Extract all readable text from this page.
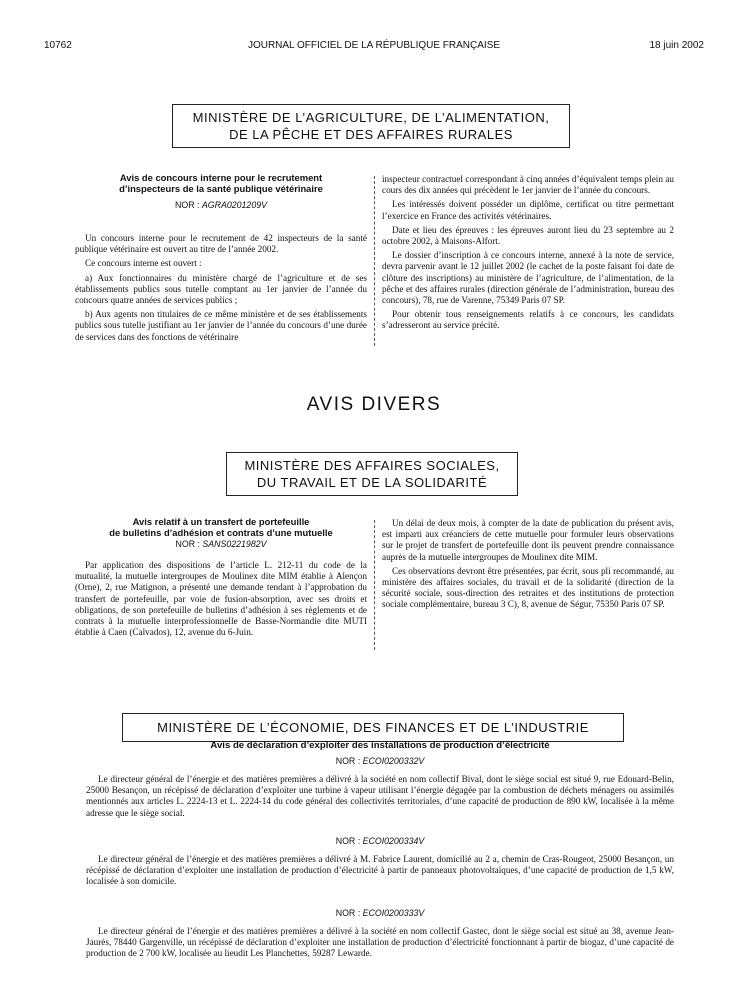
10762	JOURNAL OFFICIEL DE LA RÉPUBLIQUE FRANÇAISE	18 juin 2002
MINISTÈRE DE L’AGRICULTURE, DE L’ALIMENTATION,
DE LA PÊCHE ET DES AFFAIRES RURALES
Avis de concours interne pour le recrutement
d’inspecteurs de la santé publique vétérinaire
NOR : AGRA0201209V

Un concours interne pour le recrutement de 42 inspecteurs de la santé publique vétérinaire est ouvert au titre de l’année 2002.

Ce concours interne est ouvert :

a) Aux fonctionnaires du ministère chargé de l’agriculture et de ses établissements publics sous tutelle comptant au 1er janvier de l’année du concours quatre années de services publics ;

b) Aux agents non titulaires de ce même ministère et de ses établissements publics sous tutelle justifiant au 1er janvier de l’année du concours d’une durée de services dans des fonctions de vétérinaire

inspecteur contractuel correspondant à cinq années d’équivalent temps plein au cours des dix années qui précèdent le 1er janvier de l’année du concours.

Les intéressés doivent posséder un diplôme, certificat ou titre permettant l’exercice en France des activités vétérinaires.

Date et lieu des épreuves : les épreuves auront lieu du 23 septembre au 2 octobre 2002, à Maisons-Alfort.

Le dossier d’inscription à ce concours interne, annexé à la note de service, devra parvenir avant le 12 juillet 2002 (le cachet de la poste faisant foi date de clôture des inscriptions) au ministère de l’agriculture, de l’alimentation, de la pêche et des affaires rurales (direction générale de l’administration, bureau des concours), 78, rue de Varenne, 75349 Paris 07 SP.

Pour obtenir tous renseignements relatifs à ce concours, les candidats s’adresseront au service précité.

AVIS DIVERS
MINISTÈRE DES AFFAIRES SOCIALES,
DU TRAVAIL ET DE LA SOLIDARITÉ
Avis relatif à un transfert de portefeuille
de bulletins d’adhésion et contrats d’une mutuelle
NOR : SANS0221982V

Par application des dispositions de l’article L. 212-11 du code de la mutualité, la mutuelle intergroupes de Moulinex dite MIM établie à Alençon (Orne), 2, rue Matignon, a présenté une demande tendant à l’approbation du transfert de portefeuille, par voie de fusion-absorption, avec ses droits et obligations, de son portefeuille de bulletins d’adhésion à ses règlements et de contrats à la mutuelle interprofessionnelle de Basse-Normandie dite MUTI établie à Caen (Calvados), 12, avenue du 6-Juin.

Un délai de deux mois, à compter de la date de publication du présent avis, est imparti aux créanciers de cette mutuelle pour formuler leurs observations sur le projet de transfert de portefeuille dont ils peuvent prendre connaissance auprès de la mutuelle intergroupes de Moulinex dite MIM.

Ces observations devront être présentées, par écrit, sous pli recommandé, au ministère des affaires sociales, du travail et de la solidarité (direction de la sécurité sociale, sous-direction des retraites et des institutions de protection sociale complémentaire, bureau 3 C), 8, avenue de Ségur, 75350 Paris 07 SP.

MINISTÈRE DE L’ÉCONOMIE, DES FINANCES ET DE L’INDUSTRIE
Avis de déclaration d’exploiter des installations de production d’électricité
NOR : ECOI0200332V

Le directeur général de l’énergie et des matières premières a délivré à la société en nom collectif Bival, dont le siège social est situé 9, rue Edouard-Belin, 25000 Besançon, un récépissé de déclaration d’exploiter une turbine à vapeur utilisant l’énergie dégagée par la combustion de déchets ménagers ou assimilés mentionnés aux articles L. 2224-13 et L. 2224-14 du code général des collectivités territoriales, d’une capacité de production de 890 kW, localisée à la même adresse que le siège social.

NOR : ECOI0200334V

Le directeur général de l’énergie et des matières premières a délivré à M. Fabrice Laurent, domicilié au 2 a, chemin de Cras-Rougeot, 25000 Besançon, un récépissé de déclaration d’exploiter une installation de production d’électricité à partir de panneaux photovoltaïques, d’une capacité de production de 1,5 kW, localisée à son domicile.

NOR : ECOI0200333V

Le directeur général de l’énergie et des matières premières a délivré à la société en nom collectif Gastec, dont le siège social est situé au 38, avenue Jean-Jaurès, 78440 Gargenville, un récépissé de déclaration d’exploiter une installation de production d’électricité fonctionnant à partir de biogaz, d’une capacité de production de 2 700 kW, localisée au lieudit Les Planchettes, 59287 Lewarde.
